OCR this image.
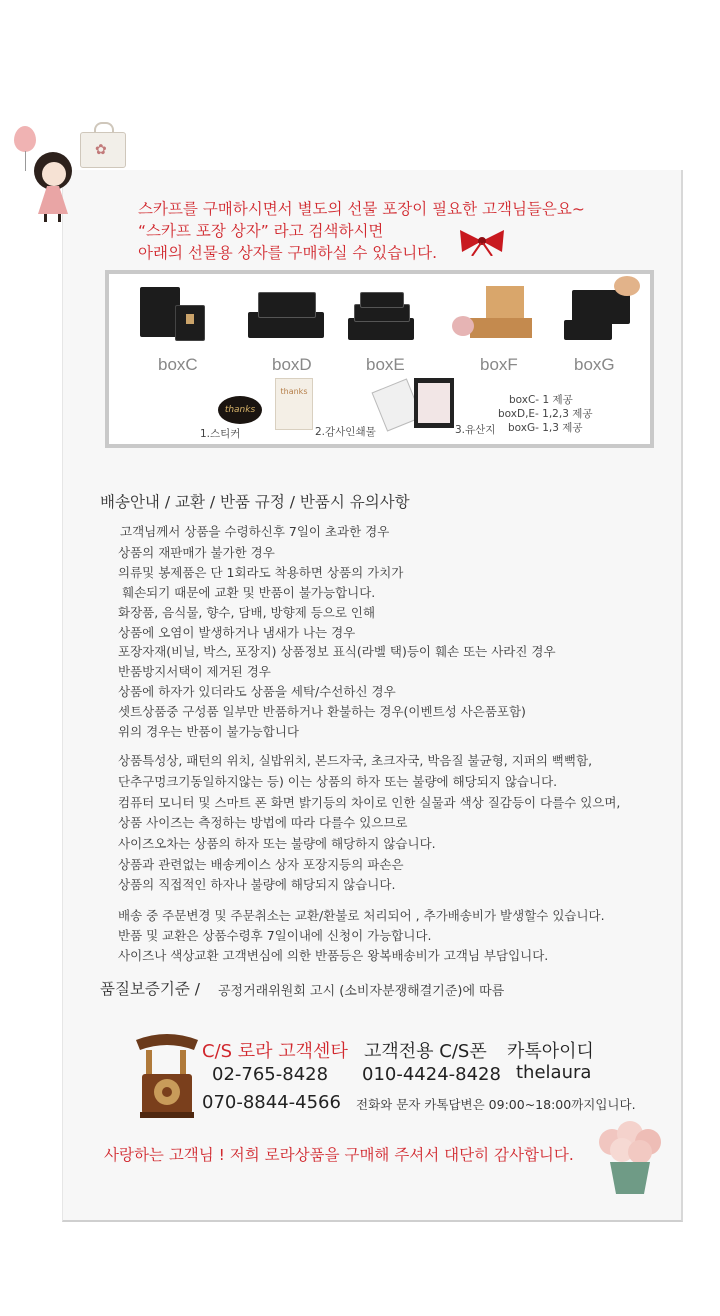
✿
스카프를 구매하시면서 별도의 선물 포장이 필요한 고객님들은요~
“스카프 포장 상자” 라고 검색하시면
아래의 선물용 상자를 구매하실 수 있습니다.
boxC	boxD	boxE	boxF	boxG
thanks
1.스티커
thanks
2.감사인쇄물	3.유산지
boxC- 1 제공
boxD,E- 1,2,3 제공
boxG- 1,3 제공
배송안내 / 교환 / 반품 규정 / 반품시 유의사항
고객님께서 상품을 수령하신후 7일이 초과한 경우
상품의 재판매가 불가한 경우
의류및 봉제품은 단 1회라도 착용하면 상품의 가치가
훼손되기 때문에 교환 및 반품이 불가능합니다.
화장품, 음식물, 향수, 담배, 방향제 등으로 인해
상품에 오염이 발생하거나 냄새가 나는 경우
포장자재(비닐, 박스, 포장지) 상품정보 표식(라벨 택)등이 훼손 또는 사라진 경우
반품방지서택이 제거된 경우
상품에 하자가 있더라도 상품을 세탁/수선하신 경우
셋트상품중 구성품 일부만 반품하거나 환불하는 경우(이벤트성 사은품포함)
위의 경우는 반품이 불가능합니다
상품특성상, 패턴의 위치, 실밥위치, 본드자국, 초크자국, 박음질 불균형, 지퍼의 뻑뻑함,
단추구멍크기동일하지않는 등) 이는 상품의 하자 또는 불량에 해당되지 않습니다.
컴퓨터 모니터 및 스마트 폰 화면 밝기등의 차이로 인한 실물과 색상 질감등이 다를수 있으며,
상품 사이즈는 측정하는 방법에 따라 다를수 있으므로
사이즈오차는 상품의 하자 또는 불량에 해당하지 않습니다.
상품과 관련없는 배송케이스 상자 포장지등의 파손은
상품의 직접적인 하자나 불량에 해당되지 않습니다.
배송 중 주문변경 및 주문취소는 교환/환불로 처리되어 , 추가배송비가 발생할수 있습니다.
반품 및 교환은 상품수령후 7일이내에 신청이 가능합니다.
사이즈나 색상교환 고객변심에 의한 반품등은 왕복배송비가 고객님 부담입니다.
품질보증기준 / 공정거래위원회 고시 (소비자분쟁해결기준)에 따름
C/S 로라 고객센타
02-765-8428
070-8844-4566
고객전용 C/S폰
010-4424-8428
카톡아이디
thelaura
전화와 문자 카톡답변은 09:00~18:00까지입니다.
사랑하는 고객님 ! 저희 로라상품을 구매해 주셔서 대단히 감사합니다.
